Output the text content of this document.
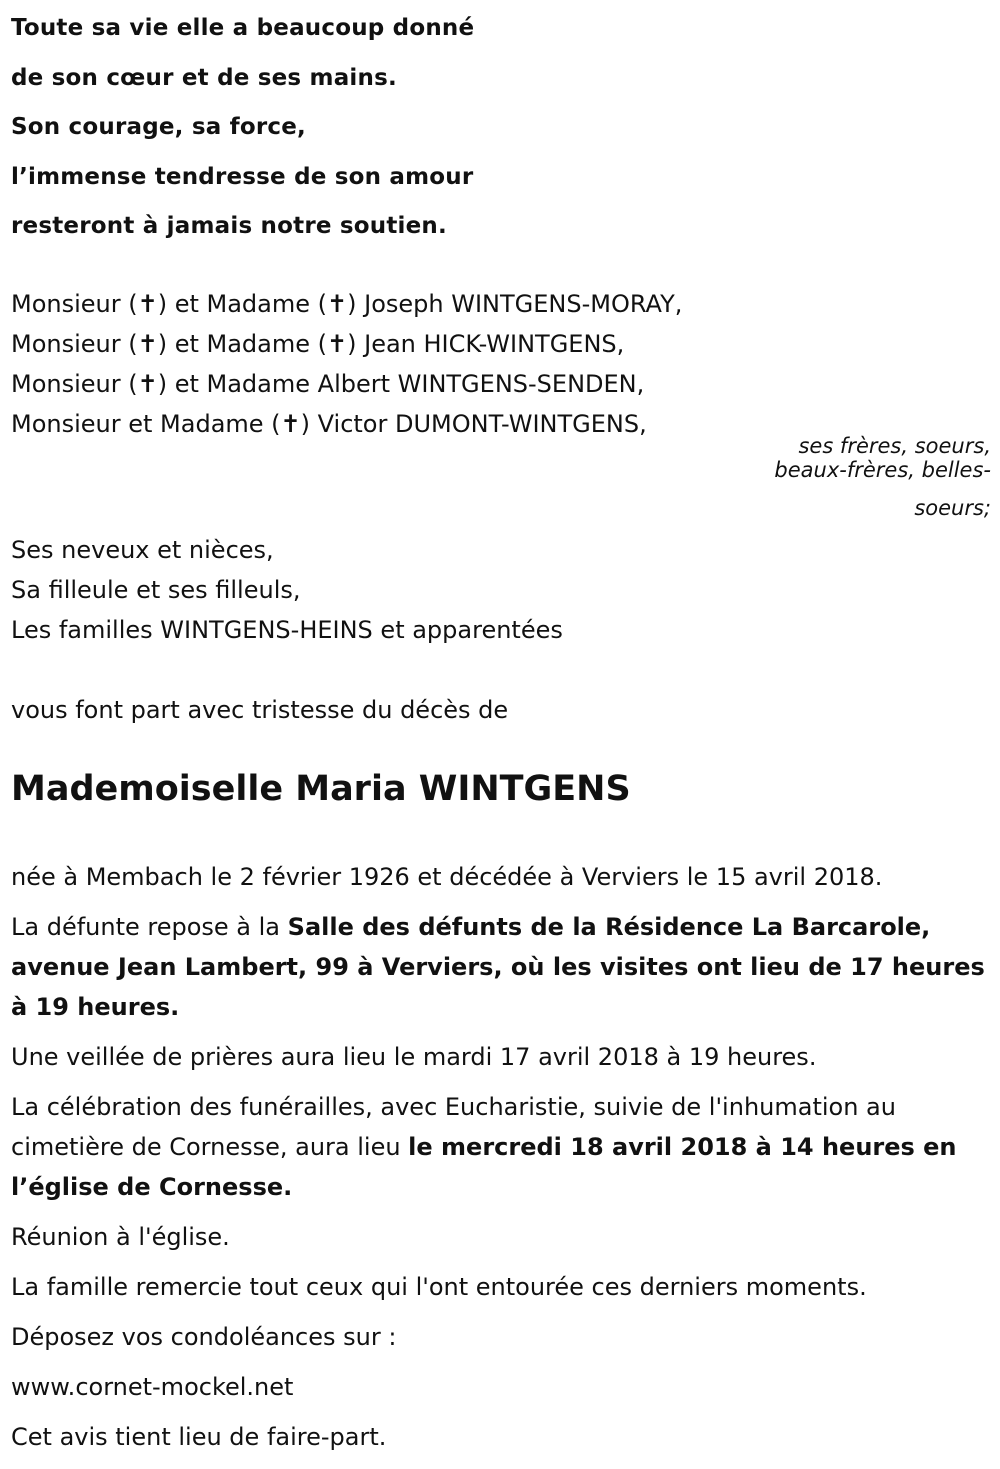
Toute sa vie elle a beaucoup donné
de son cœur et de ses mains.
Son courage, sa force,
l’immense tendresse de son amour
resteront à jamais notre soutien.
Monsieur (✝) et Madame (✝) Joseph WINTGENS-MORAY,
Monsieur (✝) et Madame (✝) Jean HICK-WINTGENS,
Monsieur (✝) et Madame Albert WINTGENS-SENDEN,
Monsieur et Madame (✝) Victor DUMONT-WINTGENS,
ses frères, soeurs,
beaux-frères, belles-
soeurs;
Ses neveux et nièces,
Sa filleule et ses filleuls,
Les familles WINTGENS-HEINS et apparentées
vous font part avec tristesse du décès de
Mademoiselle Maria WINTGENS

née à Membach le 2 février 1926 et décédée à Verviers le 15 avril 2018.

La défunte repose à la Salle des défunts de la Résidence La Barcarole, avenue Jean Lambert, 99 à Verviers, où les visites ont lieu de 17 heures à 19 heures.

Une veillée de prières aura lieu le mardi 17 avril 2018 à 19 heures.

La célébration des funérailles, avec Eucharistie, suivie de l'inhumation au cimetière de Cornesse, aura lieu le mercredi 18 avril 2018 à 14 heures en l’église de Cornesse.

Réunion à l'église.

La famille remercie tout ceux qui l'ont entourée ces derniers moments.

Déposez vos condoléances sur :

www.cornet-mockel.net

Cet avis tient lieu de faire-part.
